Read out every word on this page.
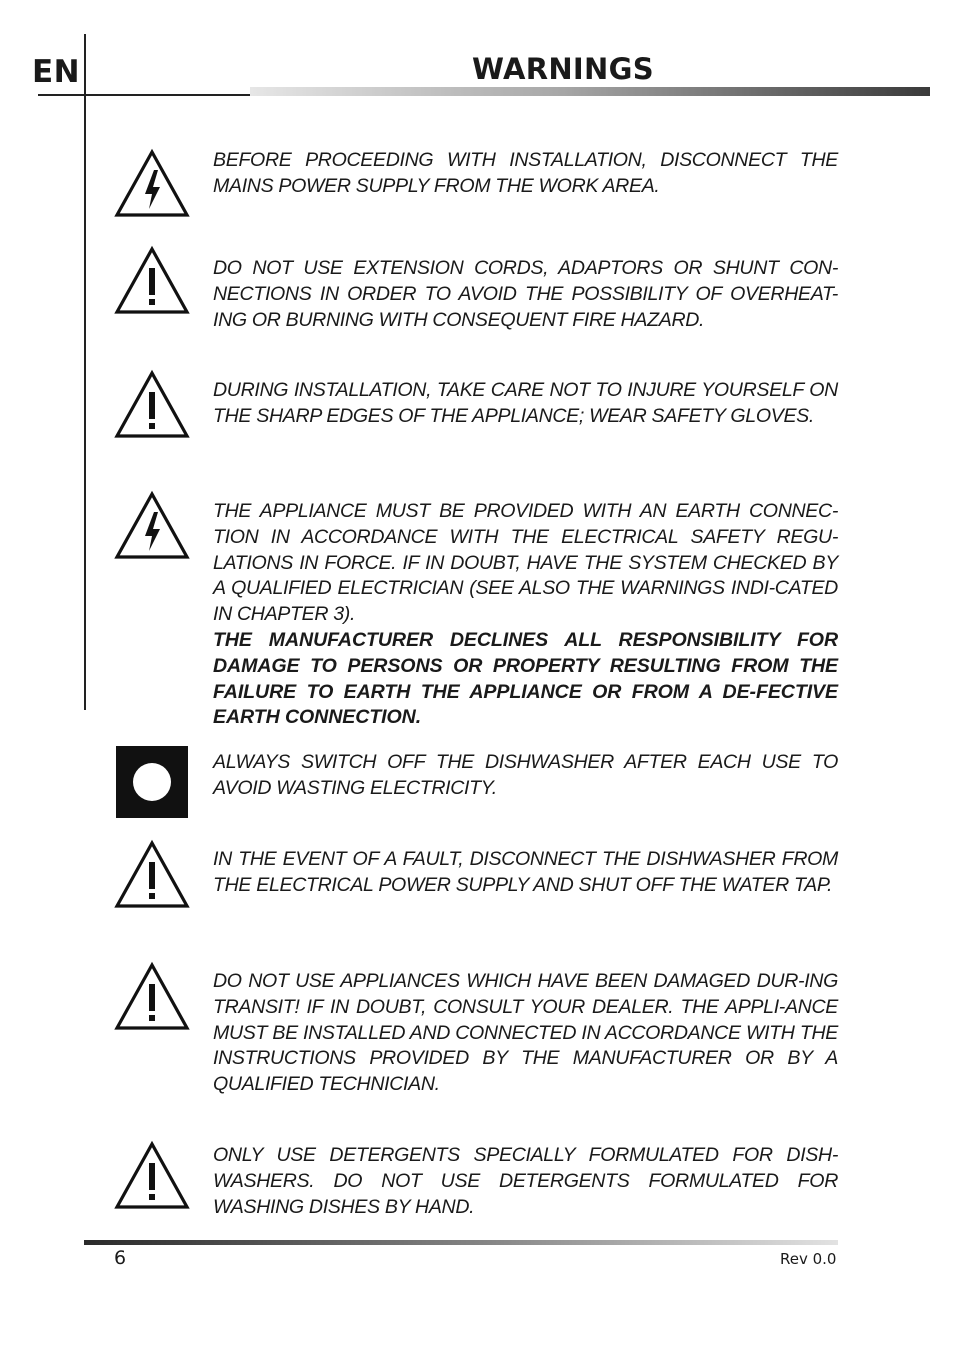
EN	WARNINGS
BEFORE PROCEEDING WITH INSTALLATION, DISCONNECT THE MAINS POWER SUPPLY FROM THE WORK AREA.
DO NOT USE EXTENSION CORDS, ADAPTORS OR SHUNT CON-NECTIONS IN ORDER TO AVOID THE POSSIBILITY OF OVERHEAT-ING OR BURNING WITH CONSEQUENT FIRE HAZARD.
DURING INSTALLATION, TAKE CARE NOT TO INJURE YOURSELF ON THE SHARP EDGES OF THE APPLIANCE; WEAR SAFETY GLOVES.
THE APPLIANCE MUST BE PROVIDED WITH AN EARTH CONNEC-TION IN ACCORDANCE WITH THE ELECTRICAL SAFETY REGU-LATIONS IN FORCE. IF IN DOUBT, HAVE THE SYSTEM CHECKED BY A QUALIFIED ELECTRICIAN (SEE ALSO THE WARNINGS INDI-CATED IN CHAPTER 3).
THE MANUFACTURER DECLINES ALL RESPONSIBILITY FOR DAMAGE TO PERSONS OR PROPERTY RESULTING FROM THE FAILURE TO EARTH THE APPLIANCE OR FROM A DE-FECTIVE EARTH CONNECTION.
ALWAYS SWITCH OFF THE DISHWASHER AFTER EACH USE TO AVOID WASTING ELECTRICITY.
IN THE EVENT OF A FAULT, DISCONNECT THE DISHWASHER FROM THE ELECTRICAL POWER SUPPLY AND SHUT OFF THE WATER TAP.
DO NOT USE APPLIANCES WHICH HAVE BEEN DAMAGED DUR-ING TRANSIT! IF IN DOUBT, CONSULT YOUR DEALER. THE APPLI-ANCE MUST BE INSTALLED AND CONNECTED IN ACCORDANCE WITH THE INSTRUCTIONS PROVIDED BY THE MANUFACTURER OR BY A QUALIFIED TECHNICIAN.
ONLY USE DETERGENTS SPECIALLY FORMULATED FOR DISH-WASHERS. DO NOT USE DETERGENTS FORMULATED FOR WASHING DISHES BY HAND.
6	Rev 0.0
